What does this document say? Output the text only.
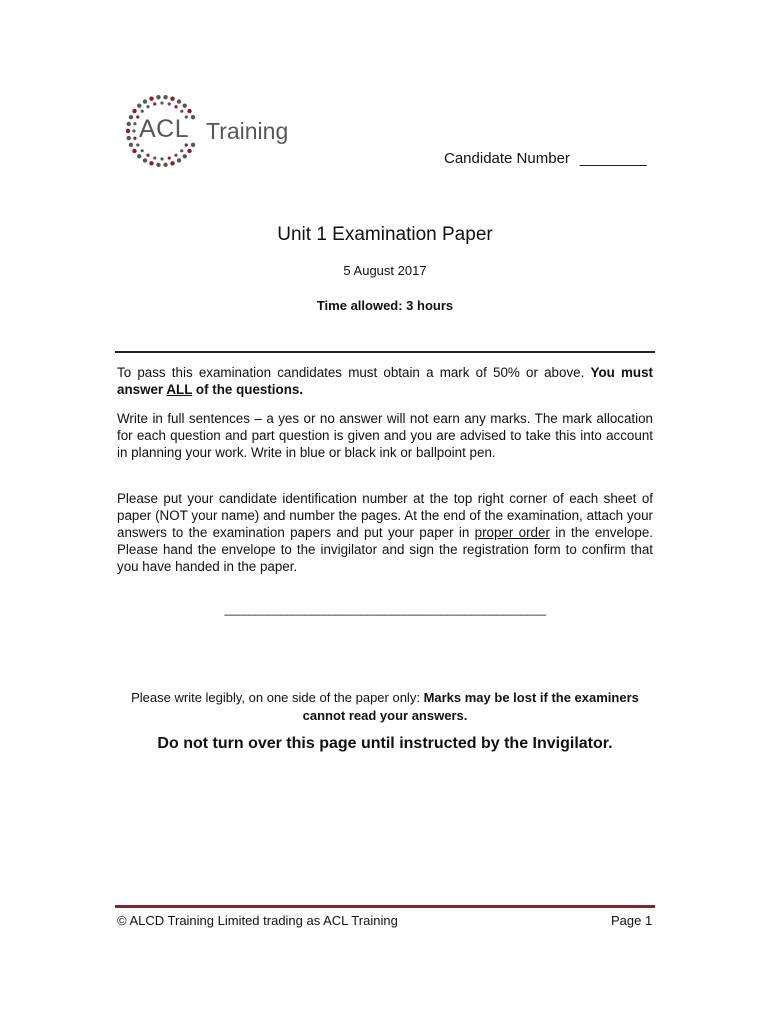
ACL Training
Candidate Number ________
Unit 1 Examination Paper
5 August 2017
Time allowed: 3 hours
To pass this examination candidates must obtain a mark of 50% or above. You must answer ALL of the questions.
Write in full sentences – a yes or no answer will not earn any marks. The mark allocation for each question and part question is given and you are advised to take this into account in planning your work. Write in blue or black ink or ballpoint pen.
Please put your candidate identification number at the top right corner of each sheet of paper (NOT your name) and number the pages. At the end of the examination, attach your answers to the examination papers and put your paper in proper order in the envelope. Please hand the envelope to the invigilator and sign the registration form to confirm that you have handed in the paper.
____________________________________________________
Please write legibly, on one side of the paper only: Marks may be lost if the examiners cannot read your answers.
Do not turn over this page until instructed by the Invigilator.
© ALCD Training Limited trading as ACL Training	Page 1
